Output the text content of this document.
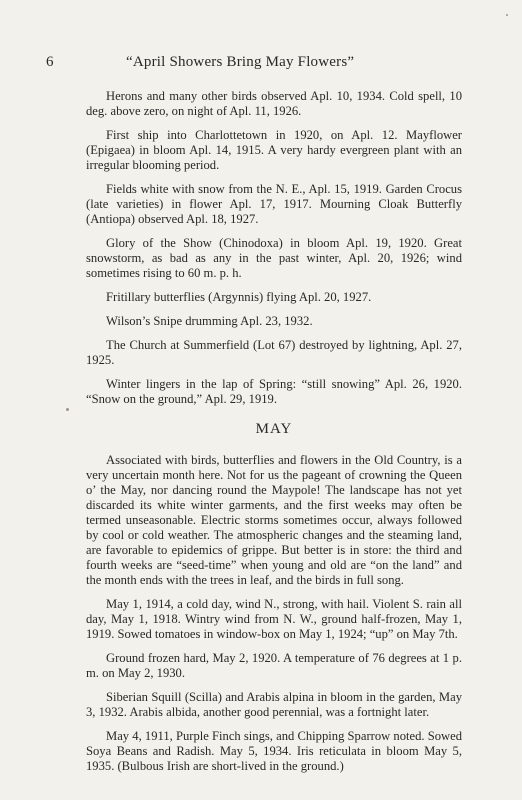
6	“April Showers Bring May Flowers”

Herons and many other birds observed Apl. 10, 1934. Cold spell, 10 deg. above zero, on night of Apl. 11, 1926.

First ship into Charlottetown in 1920, on Apl. 12. Mayflower (Epigaea) in bloom Apl. 14, 1915. A very hardy evergreen plant with an irregular blooming period.

Fields white with snow from the N. E., Apl. 15, 1919. Garden Crocus (late varieties) in flower Apl. 17, 1917. Mourning Cloak Butterfly (Antiopa) observed Apl. 18, 1927.

Glory of the Show (Chinodoxa) in bloom Apl. 19, 1920. Great snowstorm, as bad as any in the past winter, Apl. 20, 1926; wind sometimes rising to 60 m. p. h.

Fritillary butterflies (Argynnis) flying Apl. 20, 1927.

Wilson’s Snipe drumming Apl. 23, 1932.

The Church at Summerfield (Lot 67) destroyed by lightning, Apl. 27, 1925.

Winter lingers in the lap of Spring: “still snowing” Apl. 26, 1920. “Snow on the ground,” Apl. 29, 1919.

MAY

Associated with birds, butterflies and flowers in the Old Country, is a very uncertain month here. Not for us the pageant of crowning the Queen o’ the May, nor dancing round the Maypole! The landscape has not yet discarded its white winter garments, and the first weeks may often be termed unseasonable. Electric storms sometimes occur, always followed by cool or cold weather. The atmospheric changes and the steaming land, are favorable to epidemics of grippe. But better is in store: the third and fourth weeks are “seed-time” when young and old are “on the land” and the month ends with the trees in leaf, and the birds in full song.

May 1, 1914, a cold day, wind N., strong, with hail. Violent S. rain all day, May 1, 1918. Wintry wind from N. W., ground half-frozen, May 1, 1919. Sowed tomatoes in window-box on May 1, 1924; “up” on May 7th.

Ground frozen hard, May 2, 1920. A temperature of 76 degrees at 1 p. m. on May 2, 1930.

Siberian Squill (Scilla) and Arabis alpina in bloom in the garden, May 3, 1932. Arabis albida, another good perennial, was a fortnight later.

May 4, 1911, Purple Finch sings, and Chipping Sparrow noted. Sowed Soya Beans and Radish. May 5, 1934. Iris reticulata in bloom May 5, 1935. (Bulbous Irish are short-lived in the ground.)
